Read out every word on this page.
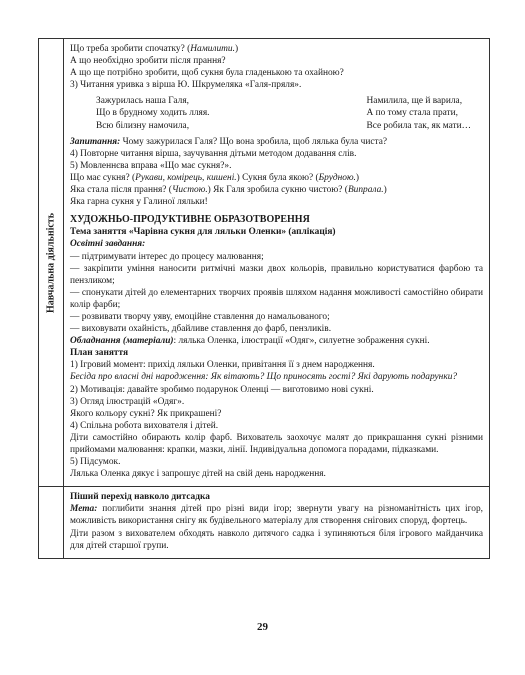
Навчальна діяльність

Що треба зробити спочатку? (Намилити.)

А що необхідно зробити після прання?

А що ще потрібно зробити, щоб сукня була гладенькою та охайною?

3) Читання уривка з вірша Ю. Шкрумеляка «Галя-пряля».

Зажурилась наша Галя,

Що в брудному ходить лляя.

Всю білизну намочила,

Намилила, ще й варила,

А по тому стала прати,

Все робила так, як мати…

Запитання: Чому зажурилася Галя? Що вона зробила, щоб лялька була чиста?

4) Повторне читання вірша, заучування дітьми методом додавання слів.

5) Мовленнєва вправа «Що має сукня?».

Що має сукня? (Рукави, комірець, кишені.) Сукня була якою? (Брудною.)

Яка стала після прання? (Чистою.) Як Галя зробила сукню чистою? (Випрала.)

Яка гарна сукня у Галиної ляльки!

ХУДОЖНЬО-ПРОДУКТИВНЕ ОБРАЗОТВОРЕННЯ

Тема заняття «Чарівна сукня для ляльки Оленки» (аплікація)

Освітні завдання:

— підтримувати інтерес до процесу малювання;

— закріпити уміння наносити ритмічні мазки двох кольорів, правильно користуватися фарбою та пензликом;

— спонукати дітей до елементарних творчих проявів шляхом надання можливості самостійно обирати колір фарби;

— розвивати творчу уяву, емоційне ставлення до намальованого;

— виховувати охайність, дбайливе ставлення до фарб, пензликів.

Обладнання (матеріали): лялька Оленка, ілюстрації «Одяг», силуетне зображення сукні.

План заняття

1) Ігровий момент: прихід ляльки Оленки, привітання її з днем народження.

Бесіда про власні дні народження: Як вітають? Що приносять гості? Які дарують подарунки?

2) Мотивація: давайте зробимо подарунок Оленці — виготовимо нові сукні.

3) Огляд ілюстрацій «Одяг».

Якого кольору сукні? Як прикрашені?

4) Спільна робота вихователя і дітей.

Діти самостійно обирають колір фарб. Вихователь заохочує малят до прикрашання сукні різними прийомами малювання: крапки, мазки, лінії. Індивідуальна допомога порадами, підказками.

5) Підсумок.

Лялька Оленка дякує і запрошує дітей на свій день народження.

Піший перехід навколо дитсадка

Мета: поглибити знання дітей про різні види ігор; звернути увагу на різноманітність цих ігор, можливість використання снігу як будівельного матеріалу для створення снігових споруд, фортець.

Діти разом з вихователем обходять навколо дитячого садка і зупиняються біля ігрового майданчика для дітей старшої групи.

29
